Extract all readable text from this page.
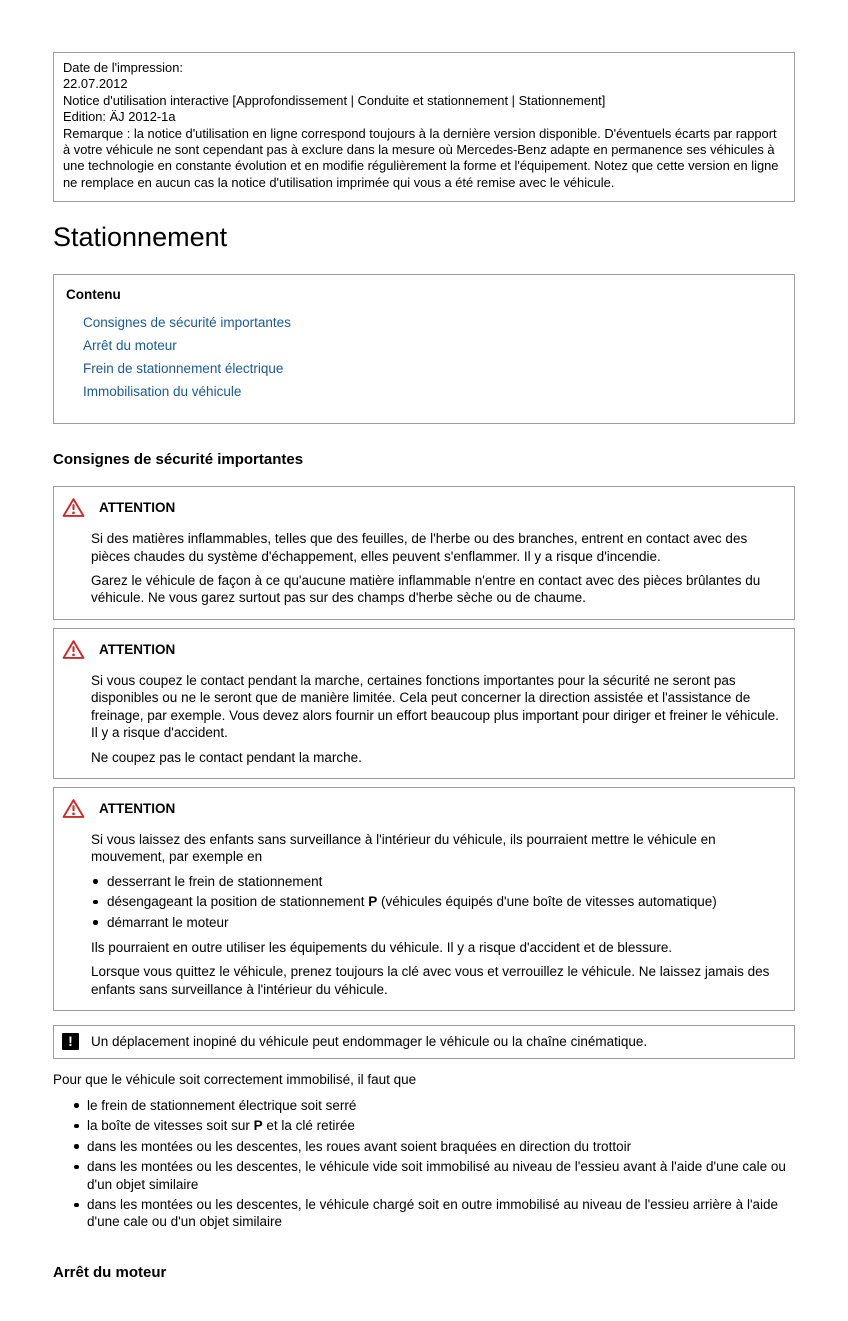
Date de l'impression:

22.07.2012

Notice d'utilisation interactive [Approfondissement | Conduite et stationnement | Stationnement]

Edition: ÄJ 2012-1a

Remarque : la notice d'utilisation en ligne correspond toujours à la dernière version disponible. D'éventuels écarts par rapport à votre véhicule ne sont cependant pas à exclure dans la mesure où Mercedes-Benz adapte en permanence ses véhicules à une technologie en constante évolution et en modifie régulièrement la forme et l'équipement. Notez que cette version en ligne ne remplace en aucun cas la notice d'utilisation imprimée qui vous a été remise avec le véhicule.

Stationnement

Contenu

Consignes de sécurité importantes
Arrêt du moteur
Frein de stationnement électrique
Immobilisation du véhicule
Consignes de sécurité importantes
ATTENTION

Si des matières inflammables, telles que des feuilles, de l'herbe ou des branches, entrent en contact avec des pièces chaudes du système d'échappement, elles peuvent s'enflammer. Il y a risque d'incendie.

Garez le véhicule de façon à ce qu'aucune matière inflammable n'entre en contact avec des pièces brûlantes du véhicule. Ne vous garez surtout pas sur des champs d'herbe sèche ou de chaume.

ATTENTION

Si vous coupez le contact pendant la marche, certaines fonctions importantes pour la sécurité ne seront pas disponibles ou ne le seront que de manière limitée. Cela peut concerner la direction assistée et l'assistance de freinage, par exemple. Vous devez alors fournir un effort beaucoup plus important pour diriger et freiner le véhicule. Il y a risque d'accident.

Ne coupez pas le contact pendant la marche.

ATTENTION

Si vous laissez des enfants sans surveillance à l'intérieur du véhicule, ils pourraient mettre le véhicule en mouvement, par exemple en

desserrant le frein de stationnement
désengageant la position de stationnement P (véhicules équipés d'une boîte de vitesses automatique)
démarrant le moteur

Ils pourraient en outre utiliser les équipements du véhicule. Il y a risque d'accident et de blessure.

Lorsque vous quittez le véhicule, prenez toujours la clé avec vous et verrouillez le véhicule. Ne laissez jamais des enfants sans surveillance à l'intérieur du véhicule.

!	Un déplacement inopiné du véhicule peut endommager le véhicule ou la chaîne cinématique.

Pour que le véhicule soit correctement immobilisé, il faut que

le frein de stationnement électrique soit serré
la boîte de vitesses soit sur P et la clé retirée
dans les montées ou les descentes, les roues avant soient braquées en direction du trottoir
dans les montées ou les descentes, le véhicule vide soit immobilisé au niveau de l'essieu avant à l'aide d'une cale ou d'un objet similaire
dans les montées ou les descentes, le véhicule chargé soit en outre immobilisé au niveau de l'essieu arrière à l'aide d'une cale ou d'un objet similaire
Arrêt du moteur
